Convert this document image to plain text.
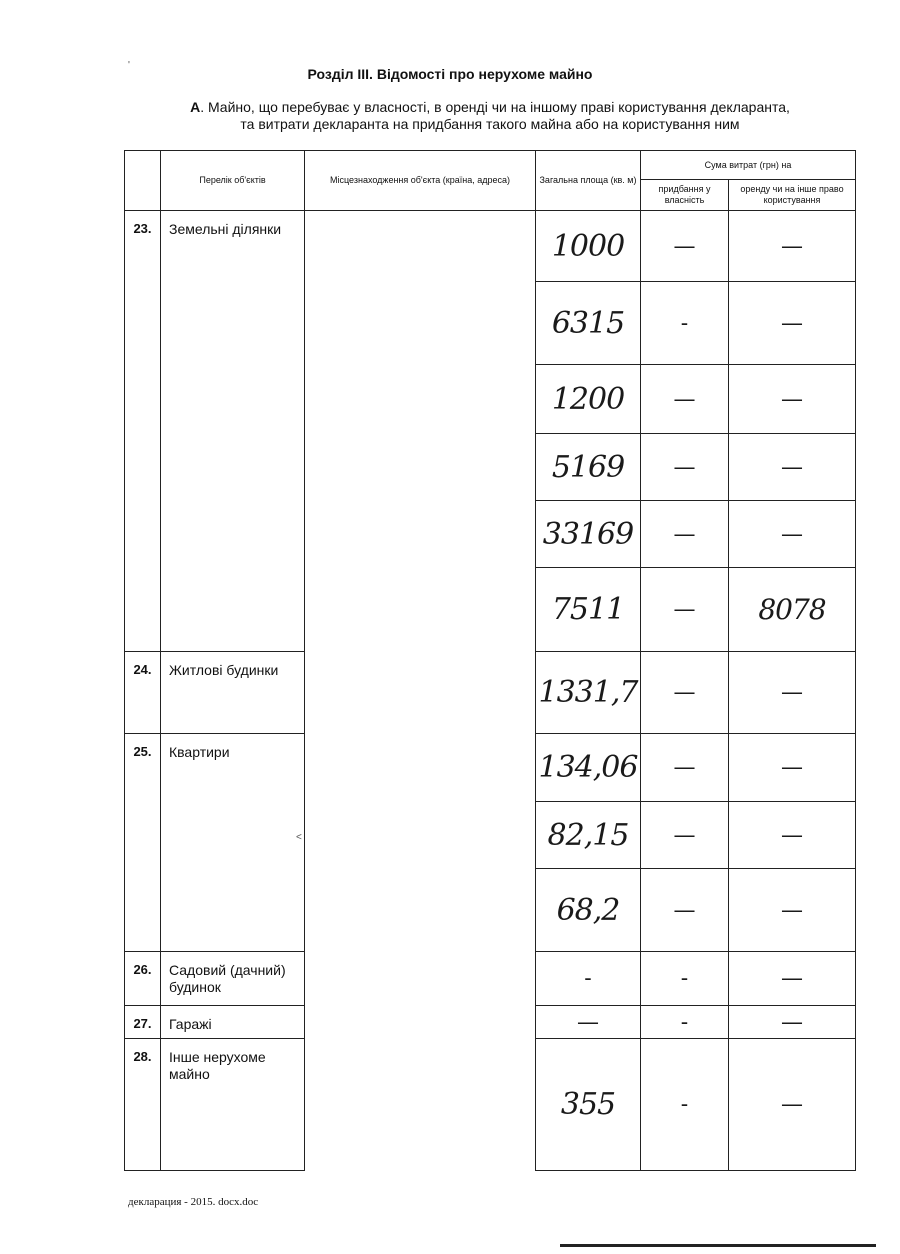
Розділ III. Відомості про нерухоме майно
А. Майно, що перебуває у власності, в оренді чи на іншому праві користування декларанта,
та витрати декларанта на придбання такого майна або на користування ним
	Перелік об'єктів	Місцезнаходження об'єкта (країна, адреса)	Загальна площа (кв. м)	Сума витрат (грн) на	
				придбання у власність	оренду чи на інше право користування
23.	Земельні ділянки		1000	—	—
			6315	-	—
			1200	—	—
			5169	—	—
			33169	—	—
			7511	—	8078
24.	Житлові будинки		1331,7	—	—
25.	Квартири		134,06	—	—
			82,15	—	—
			68,2	—	—
26.	Садовий (дачний) будинок		-	-	—
27.	Гаражі		—	-	—
28.	Інше нерухоме майно		355	-	—
'
<
декларация - 2015. docx.doc
